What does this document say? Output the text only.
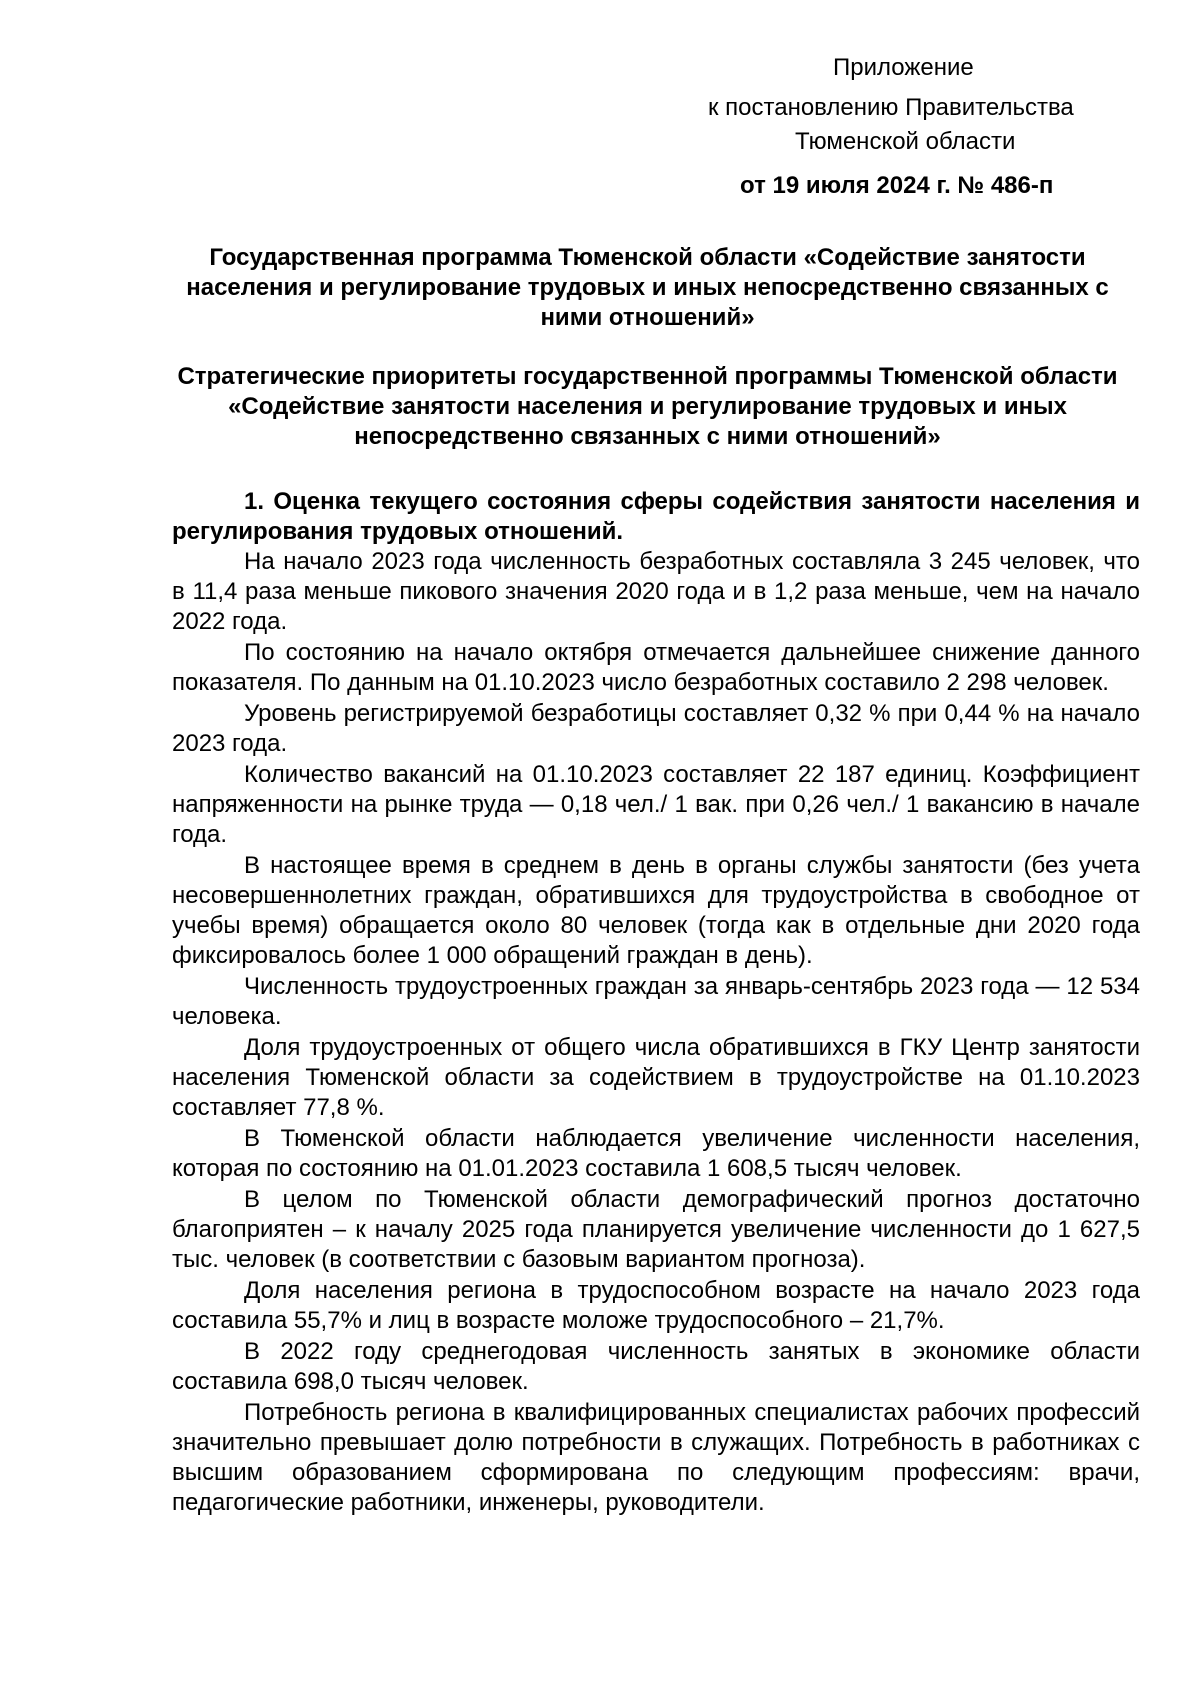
Приложение
к постановлению Правительства
Тюменской области
от 19 июля 2024 г. № 486-п
Государственная программа Тюменской области «Содействие занятости населения и регулирование трудовых и иных непосредственно связанных с ними отношений»
Стратегические приоритеты государственной программы Тюменской области «Содействие занятости населения и регулирование трудовых и иных непосредственно связанных с ними отношений»

1. Оценка текущего состояния сферы содействия занятости населения и регулирования трудовых отношений.

На начало 2023 года численность безработных составляла 3 245 человек, что в 11,4 раза меньше пикового значения 2020 года и в 1,2 раза меньше, чем на начало 2022 года.

По состоянию на начало октября отмечается дальнейшее снижение данного показателя. По данным на 01.10.2023 число безработных составило 2 298 человек.

Уровень регистрируемой безработицы составляет 0,32 % при 0,44 % на начало 2023 года.

Количество вакансий на 01.10.2023 составляет 22 187 единиц. Коэффициент напряженности на рынке труда — 0,18 чел./ 1 вак. при 0,26 чел./ 1 вакансию в начале года.

В настоящее время в среднем в день в органы службы занятости (без учета несовершеннолетних граждан, обратившихся для трудоустройства в свободное от учебы время) обращается около 80 человек (тогда как в отдельные дни 2020 года фиксировалось более 1 000 обращений граждан в день).

Численность трудоустроенных граждан за январь-сентябрь 2023 года — 12 534 человека.

Доля трудоустроенных от общего числа обратившихся в ГКУ Центр занятости населения Тюменской области за содействием в трудоустройстве на 01.10.2023 составляет 77,8 %.

В Тюменской области наблюдается увеличение численности населения, которая по состоянию на 01.01.2023 составила 1 608,5 тысяч человек.

В целом по Тюменской области демографический прогноз достаточно благоприятен – к началу 2025 года планируется увеличение численности до 1 627,5 тыс. человек (в соответствии с базовым вариантом прогноза).

Доля населения региона в трудоспособном возрасте на начало 2023 года составила 55,7% и лиц в возрасте моложе трудоспособного – 21,7%.

В 2022 году среднегодовая численность занятых в экономике области составила 698,0 тысяч человек.

Потребность региона в квалифицированных специалистах рабочих профессий значительно превышает долю потребности в служащих. Потребность в работниках с высшим образованием сформирована по следующим профессиям: врачи, педагогические работники, инженеры, руководители.
